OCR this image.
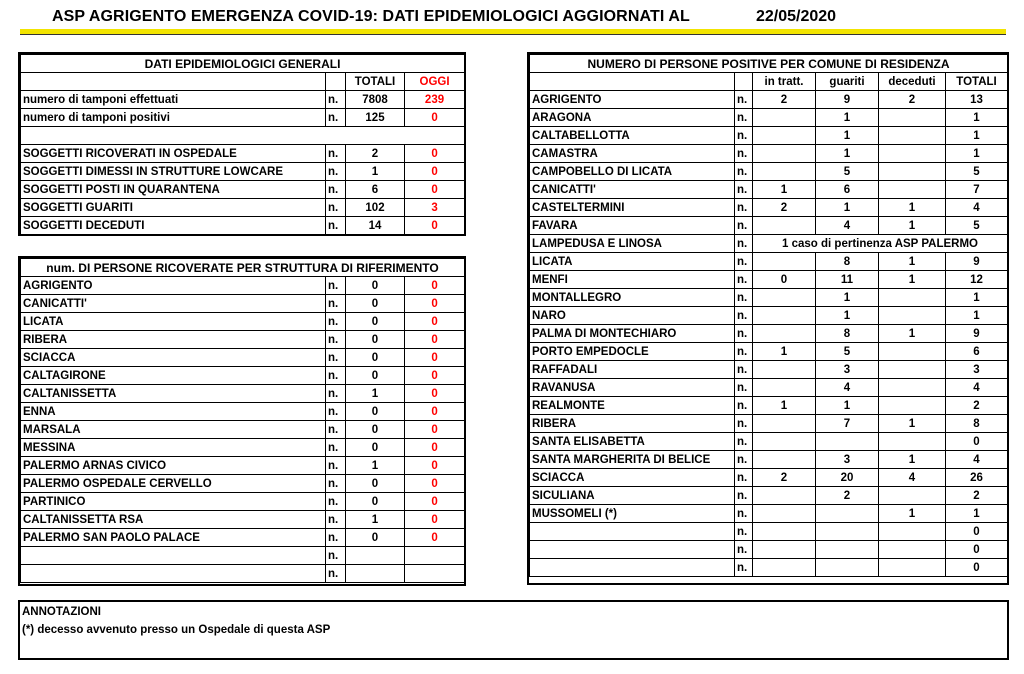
ASP AGRIGENTO EMERGENZA COVID-19: DATI EPIDEMIOLOGICI AGGIORNATI AL	22/05/2020
DATI EPIDEMIOLOGICI GENERALI			
		TOTALI	OGGI
numero di tamponi effettuati	n.	7808	239
numero di tamponi positivi	n.	125	0

SOGGETTI RICOVERATI IN OSPEDALE	n.	2	0
SOGGETTI DIMESSI IN STRUTTURE LOWCARE	n.	1	0
SOGGETTI POSTI IN QUARANTENA	n.	6	0
SOGGETTI GUARITI	n.	102	3
SOGGETTI DECEDUTI	n.	14	0
num. DI PERSONE RICOVERATE PER STRUTTURA DI RIFERIMENTO			
AGRIGENTO	n.	0	0
CANICATTI'	n.	0	0
LICATA	n.	0	0
RIBERA	n.	0	0
SCIACCA	n.	0	0
CALTAGIRONE	n.	0	0
CALTANISSETTA	n.	1	0
ENNA	n.	0	0
MARSALA	n.	0	0
MESSINA	n.	0	0
PALERMO ARNAS CIVICO	n.	1	0
PALERMO OSPEDALE CERVELLO	n.	0	0
PARTINICO	n.	0	0
CALTANISSETTA RSA	n.	1	0
PALERMO SAN PAOLO PALACE	n.	0	0
	n.		
	n.		
NUMERO DI PERSONE POSITIVE PER COMUNE DI RESIDENZA					
		in tratt.	guariti	deceduti	TOTALI
AGRIGENTO	n.	2	9	2	13
ARAGONA	n.		1		1
CALTABELLOTTA	n.		1		1
CAMASTRA	n.		1		1
CAMPOBELLO DI LICATA	n.		5		5
CANICATTI'	n.	1	6		7
CASTELTERMINI	n.	2	1	1	4
FAVARA	n.		4	1	5
LAMPEDUSA E LINOSA	n.	1 caso di pertinenza ASP PALERMO			
LICATA	n.		8	1	9
MENFI	n.	0	11	1	12
MONTALLEGRO	n.		1		1
NARO	n.		1		1
PALMA DI MONTECHIARO	n.		8	1	9
PORTO EMPEDOCLE	n.	1	5		6
RAFFADALI	n.		3		3
RAVANUSA	n.		4		4
REALMONTE	n.	1	1		2
RIBERA	n.		7	1	8
SANTA ELISABETTA	n.				0
SANTA MARGHERITA DI BELICE	n.		3	1	4
SCIACCA	n.	2	20	4	26
SICULIANA	n.		2		2
MUSSOMELI (*)	n.			1	1
	n.				0
	n.				0
	n.				0
ANNOTAZIONI
(*) decesso avvenuto presso un Ospedale di questa ASP
